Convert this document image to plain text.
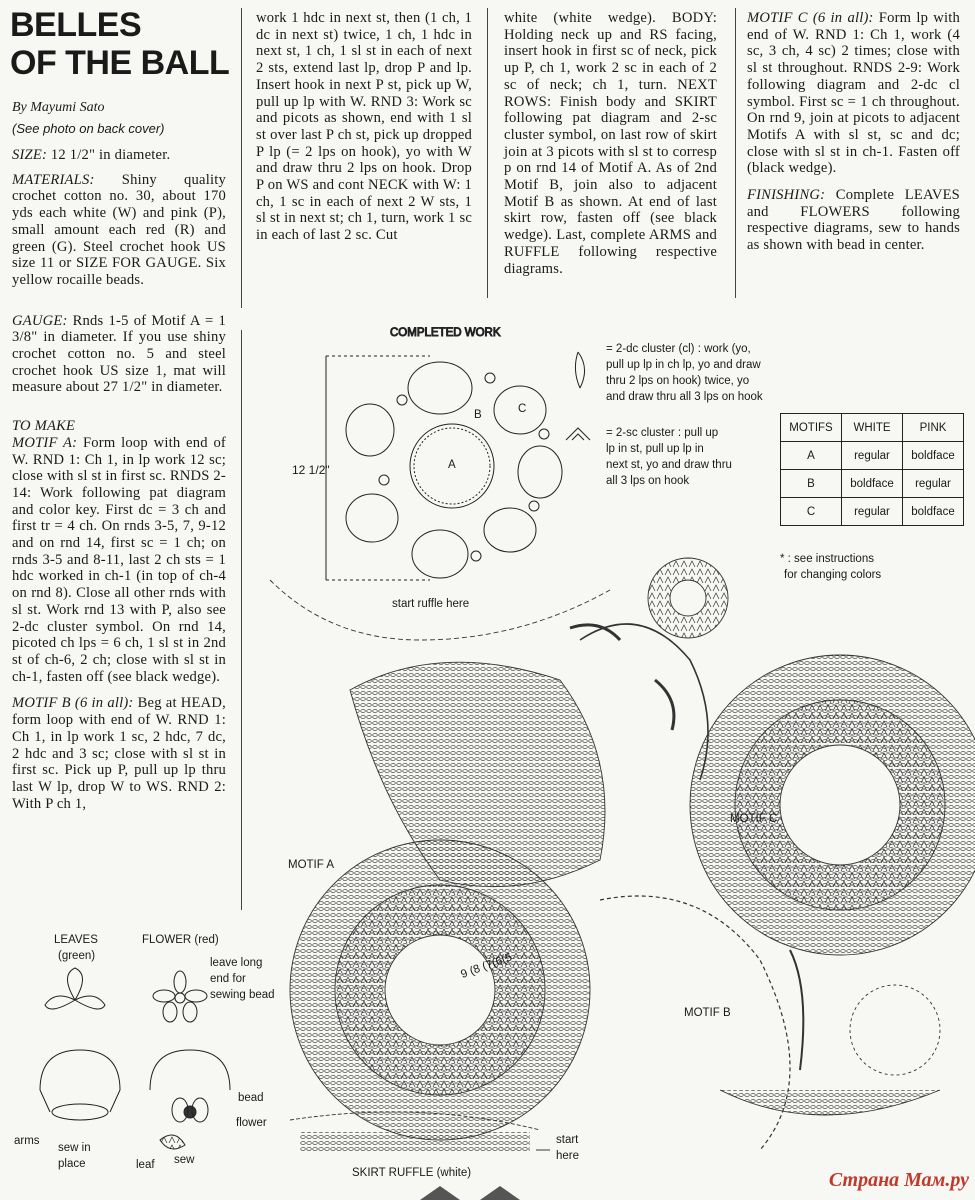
BELLES
OF THE BALL
By Mayumi Sato
(See photo on back cover)

SIZE: 12 1/2" in diameter.

MATERIALS: Shiny quality crochet cotton no. 30, about 170 yds each white (W) and pink (P), small amount each red (R) and green (G). Steel crochet hook US size 11 or SIZE FOR GAUGE. Six yellow rocaille beads.

GAUGE: Rnds 1-5 of Motif A = 1 3/8" in diameter. If you use shiny crochet cotton no. 5 and steel crochet hook US size 1, mat will measure about 27 1/2" in diameter.

TO MAKE
MOTIF A: Form loop with end of W. RND 1: Ch 1, in lp work 12 sc; close with sl st in first sc. RNDS 2-14: Work following pat diagram and color key. First dc = 3 ch and first tr = 4 ch. On rnds 3-5, 7, 9-12 and on rnd 14, first sc = 1 ch; on rnds 3-5 and 8-11, last 2 ch sts = 1 hdc worked in ch-1 (in top of ch-4 on rnd 8). Close all other rnds with sl st. Work rnd 13 with P, also see 2-dc cluster symbol. On rnd 14, picoted ch lps = 6 ch, 1 sl st in 2nd st of ch-6, 2 ch; close with sl st in ch-1, fasten off (see black wedge).

MOTIF B (6 in all): Beg at HEAD, form loop with end of W. RND 1: Ch 1, in lp work 1 sc, 2 hdc, 7 dc, 2 hdc and 3 sc; close with sl st in first sc. Pick up P, pull up lp thru last W lp, drop W to WS. RND 2: With P ch 1,

work 1 hdc in next st, then (1 ch, 1 dc in next st) twice, 1 ch, 1 hdc in next st, 1 ch, 1 sl st in each of next 2 sts, extend last lp, drop P and lp. Insert hook in next P st, pick up W, pull up lp with W. RND 3: Work sc and picots as shown, end with 1 sl st over last P ch st, pick up dropped P lp (= 2 lps on hook), yo with W and draw thru 2 lps on hook. Drop P on WS and cont NECK with W: 1 ch, 1 sc in each of next 2 W sts, 1 sl st in next st; ch 1, turn, work 1 sc in each of last 2 sc. Cut

white (white wedge). BODY: Holding neck up and RS facing, insert hook in first sc of neck, pick up P, ch 1, work 2 sc in each of 2 sc of neck; ch 1, turn. NEXT ROWS: Finish body and SKIRT following pat diagram and 2-sc cluster symbol, on last row of skirt join at 3 picots with sl st to corresp p on rnd 14 of Motif A. As of 2nd Motif B, join also to adjacent Motif B as shown. At end of last skirt row, fasten off (see black wedge). Last, complete ARMS and RUFFLE following respective diagrams.

MOTIF C (6 in all): Form lp with end of W. RND 1: Ch 1, work (4 sc, 3 ch, 4 sc) 2 times; close with sl st throughout. RNDS 2-9: Work following diagram and 2-dc cl symbol. First sc = 1 ch throughout. On rnd 9, join at picots to adjacent Motifs A with sl st, sc and dc; close with sl st in ch-1. Fasten off (black wedge).

FINISHING: Complete LEAVES and FLOWERS following respective diagrams, sew to hands as shown with bead in center.

MOTIFS	WHITE	PINK
A	regular	boldface
B	boldface	regular
C	regular	boldface
COMPLETED WORK
12 1/2"	A
C
B
= 2-dc cluster (cl) : work (yo,
pull up lp in ch lp, yo and draw
thru 2 lps on hook) twice, yo
and draw thru all 3 lps on hook
= 2-sc cluster : pull up
lp in st, pull up lp in
next st, yo and draw thru
all 3 lps on hook
* : see instructions
for changing colors
start ruffle here
MOTIF C
MOTIF A
9 (8 (7(6(5
MOTIF B
LEAVES
(green)
FLOWER (red)
leave long
end for
sewing bead
arms
sew in
place
bead
flower
leaf sew
start
here
SKIRT RUFFLE (white)	Страна Мам.ру
